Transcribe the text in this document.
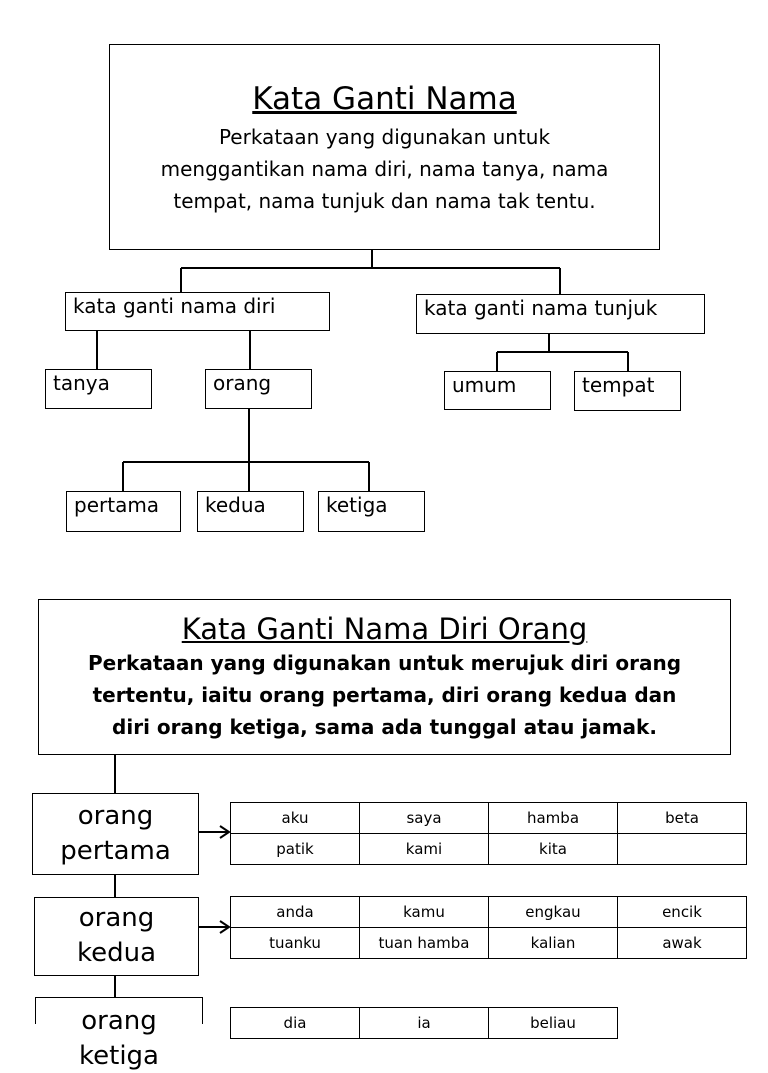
Kata Ganti Nama
Perkataan yang digunakan untuk
menggantikan nama diri, nama tanya, nama
tempat, nama tunjuk dan nama tak tentu.
kata ganti nama diri	kata ganti nama tunjuk
tanya	orang	umum	tempat
pertama	kedua	ketiga
Kata Ganti Nama Diri Orang
Perkataan yang digunakan untuk merujuk diri orang
tertentu, iaitu orang pertama, diri orang kedua dan
diri orang ketiga, sama ada tunggal atau jamak.
orang
pertama
aku	saya	hamba	beta
patik	kami	kita	
orang
kedua
anda	kamu	engkau	encik
tuanku	tuan hamba	kalian	awak
orang
ketiga
dia	ia	beliau
